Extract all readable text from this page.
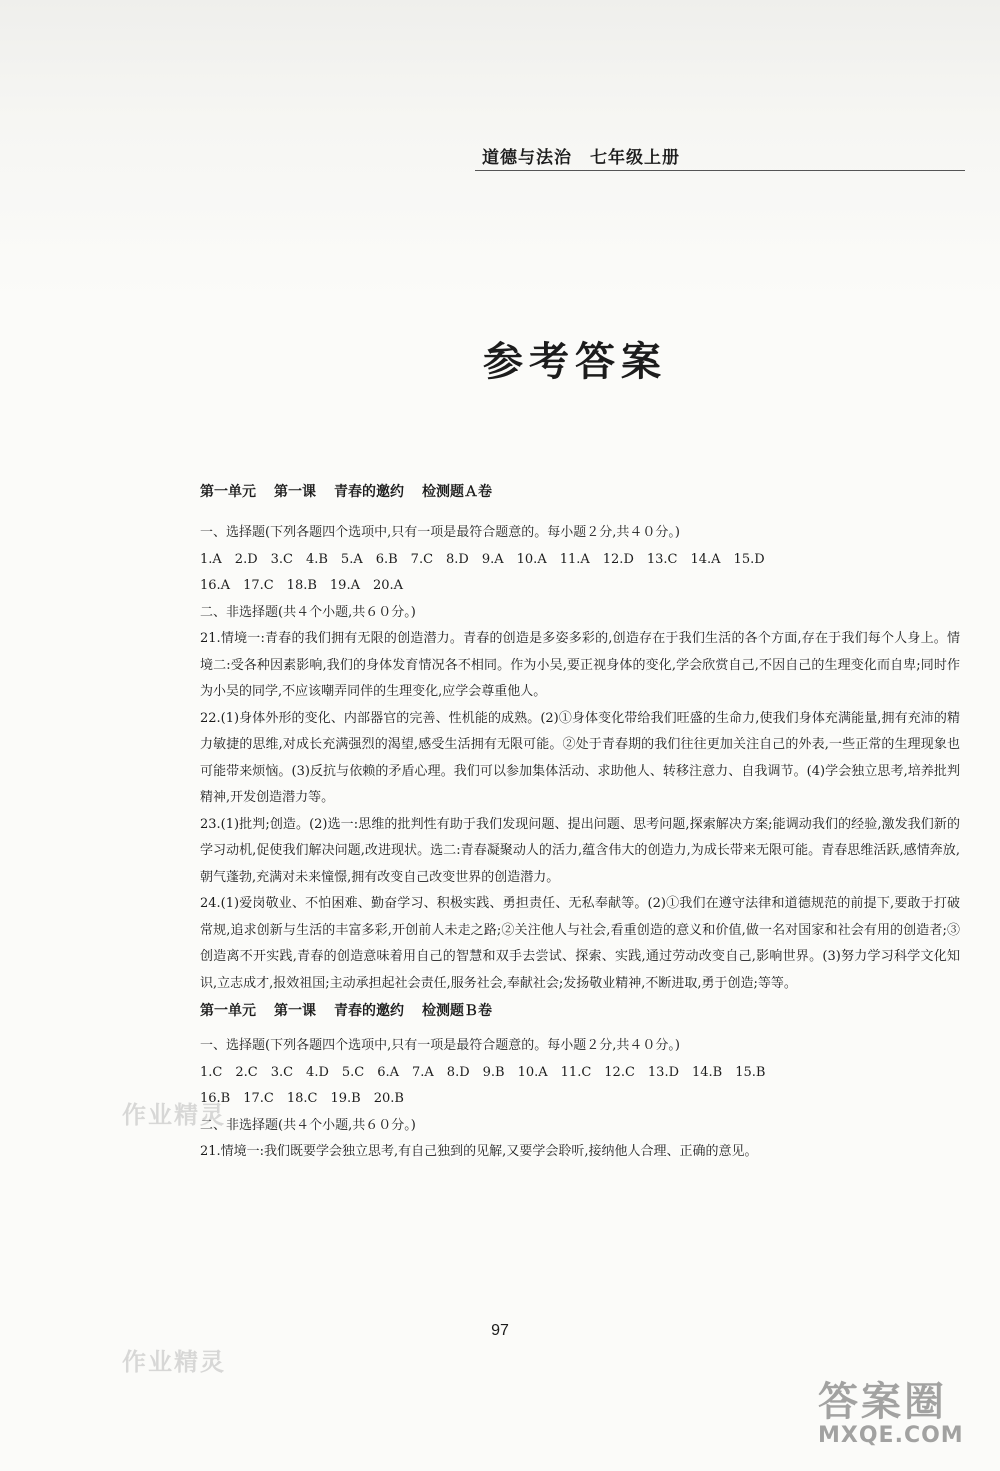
道德与法治　七年级上册
参考答案
第一单元 第一课 青春的邀约 检测题Ａ卷
一、选择题(下列各题四个选项中,只有一项是最符合题意的。每小题２分,共４０分。)
1.A　2.D　3.C　4.B　5.A　6.B　7.C　8.D　9.A　10.A　11.A　12.D　13.C　14.A　15.D
16.A　17.C　18.B　19.A　20.A
二、非选择题(共４个小题,共６０分。)
21.情境一:青春的我们拥有无限的创造潜力。青春的创造是多姿多彩的,创造存在于我们生活的各个方面,存在于我们每个人身上。情境二:受各种因素影响,我们的身体发育情况各不相同。作为小吴,要正视身体的变化,学会欣赏自己,不因自己的生理变化而自卑;同时作为小吴的同学,不应该嘲弄同伴的生理变化,应学会尊重他人。
22.(1)身体外形的变化、内部器官的完善、性机能的成熟。(2)①身体变化带给我们旺盛的生命力,使我们身体充满能量,拥有充沛的精力敏捷的思维,对成长充满强烈的渴望,感受生活拥有无限可能。②处于青春期的我们往往更加关注自己的外表,一些正常的生理现象也可能带来烦恼。(3)反抗与依赖的矛盾心理。我们可以参加集体活动、求助他人、转移注意力、自我调节。(4)学会独立思考,培养批判精神,开发创造潜力等。
23.(1)批判;创造。(2)选一:思维的批判性有助于我们发现问题、提出问题、思考问题,探索解决方案;能调动我们的经验,激发我们新的学习动机,促使我们解决问题,改进现状。选二:青春凝聚动人的活力,蕴含伟大的创造力,为成长带来无限可能。青春思维活跃,感情奔放,朝气蓬勃,充满对未来憧憬,拥有改变自己改变世界的创造潜力。
24.(1)爱岗敬业、不怕困难、勤奋学习、积极实践、勇担责任、无私奉献等。(2)①我们在遵守法律和道德规范的前提下,要敢于打破常规,追求创新与生活的丰富多彩,开创前人未走之路;②关注他人与社会,看重创造的意义和价值,做一名对国家和社会有用的创造者;③创造离不开实践,青春的创造意味着用自己的智慧和双手去尝试、探索、实践,通过劳动改变自己,影响世界。(3)努力学习科学文化知识,立志成才,报效祖国;主动承担起社会责任,服务社会,奉献社会;发扬敬业精神,不断进取,勇于创造;等等。
第一单元 第一课 青春的邀约 检测题Ｂ卷
一、选择题(下列各题四个选项中,只有一项是最符合题意的。每小题２分,共４０分。)
1.C　2.C　3.C　4.D　5.C　6.A　7.A　8.D　9.B　10.A　11.C　12.C　13.D　14.B　15.B
16.B　17.C　18.C　19.B　20.B
二、非选择题(共４个小题,共６０分。)
21.情境一:我们既要学会独立思考,有自己独到的见解,又要学会聆听,接纳他人合理、正确的意见。
97
作业精灵
作业精灵
答案圈
MXQE.COM
